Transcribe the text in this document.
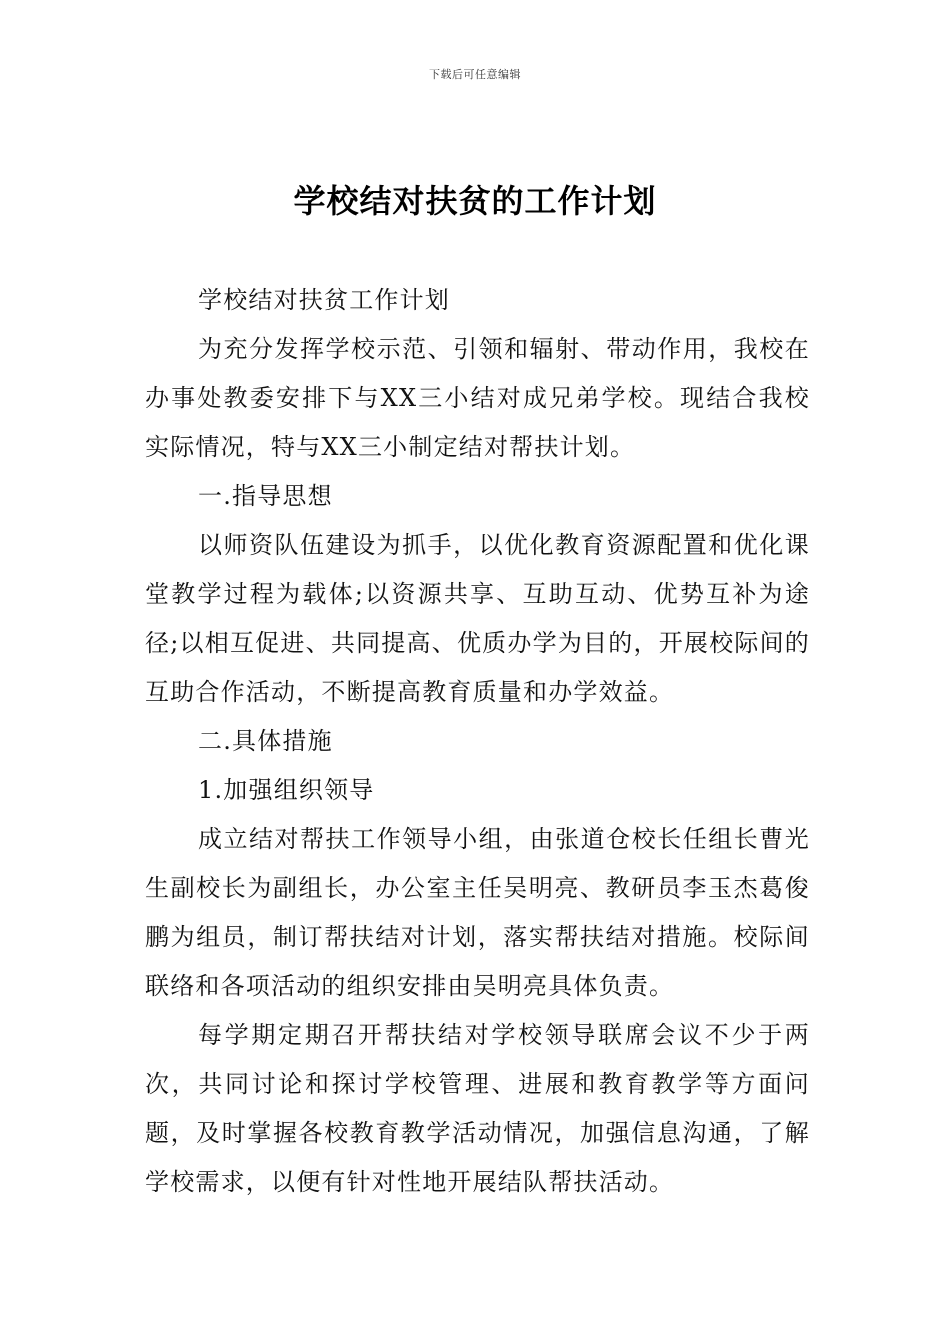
下载后可任意编辑
学校结对扶贫的工作计划

学校结对扶贫工作计划

为充分发挥学校示范、引领和辐射、带动作用，我校在办事处教委安排下与XX三小结对成兄弟学校。现结合我校实际情况，特与XX三小制定结对帮扶计划。

一.指导思想

以师资队伍建设为抓手，以优化教育资源配置和优化课堂教学过程为载体;以资源共享、互助互动、优势互补为途径;以相互促进、共同提高、优质办学为目的，开展校际间的互助合作活动，不断提高教育质量和办学效益。

二.具体措施

1.加强组织领导

成立结对帮扶工作领导小组，由张道仓校长任组长曹光生副校长为副组长，办公室主任吴明亮、教研员李玉杰葛俊鹏为组员，制订帮扶结对计划，落实帮扶结对措施。校际间联络和各项活动的组织安排由吴明亮具体负责。

每学期定期召开帮扶结对学校领导联席会议不少于两次，共同讨论和探讨学校管理、进展和教育教学等方面问题，及时掌握各校教育教学活动情况，加强信息沟通，了解学校需求，以便有针对性地开展结队帮扶活动。
